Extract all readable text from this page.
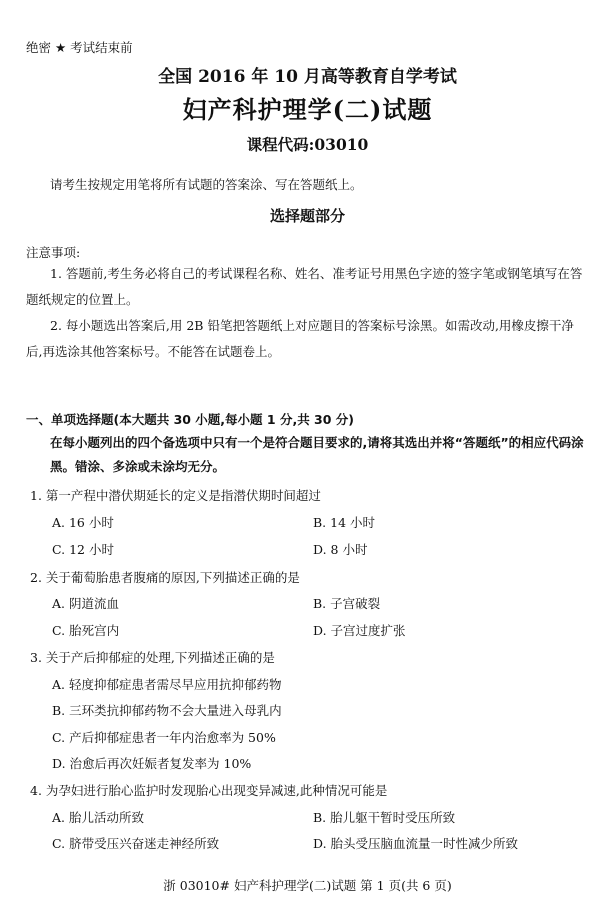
绝密 ★ 考试结束前
全国 2016 年 10 月高等教育自学考试
妇产科护理学(二)试题
课程代码:03010
请考生按规定用笔将所有试题的答案涂、写在答题纸上。
选择题部分
注意事项:
1. 答题前,考生务必将自己的考试课程名称、姓名、准考证号用黑色字迹的签字笔或钢笔填写在答题纸规定的位置上。
2. 每小题选出答案后,用 2B 铅笔把答题纸上对应题目的答案标号涂黑。如需改动,用橡皮擦干净后,再选涂其他答案标号。不能答在试题卷上。
一、单项选择题(本大题共 30 小题,每小题 1 分,共 30 分)
在每小题列出的四个备选项中只有一个是符合题目要求的,请将其选出并将“答题纸”的相应代码涂黑。错涂、多涂或未涂均无分。
1. 第一产程中潜伏期延长的定义是指潜伏期时间超过
A. 16 小时	B. 14 小时
C. 12 小时	D. 8 小时
2. 关于葡萄胎患者腹痛的原因,下列描述正确的是
A. 阴道流血	B. 子宫破裂
C. 胎死宫内	D. 子宫过度扩张
3. 关于产后抑郁症的处理,下列描述正确的是
A. 轻度抑郁症患者需尽早应用抗抑郁药物
B. 三环类抗抑郁药物不会大量进入母乳内
C. 产后抑郁症患者一年内治愈率为 50%
D. 治愈后再次妊娠者复发率为 10%
4. 为孕妇进行胎心监护时发现胎心出现变异减速,此种情况可能是
A. 胎儿活动所致	B. 胎儿躯干暂时受压所致
C. 脐带受压兴奋迷走神经所致	D. 胎头受压脑血流量一时性减少所致
浙 03010# 妇产科护理学(二)试题 第 1 页(共 6 页)
